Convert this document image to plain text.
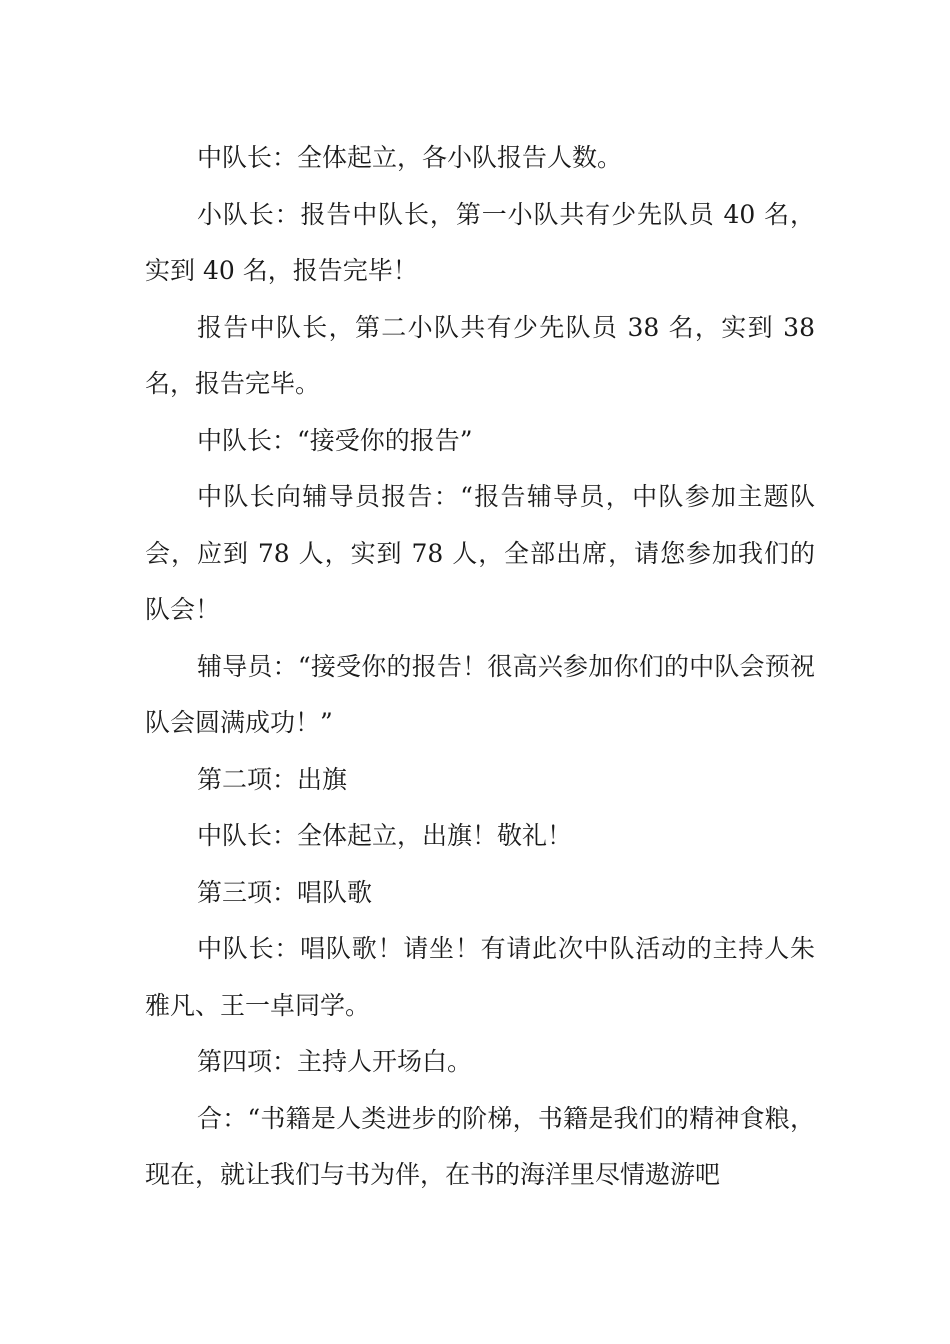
中队长：全体起立，各小队报告人数。

小队长：报告中队长，第一小队共有少先队员 40 名，实到 40 名，报告完毕！

报告中队长，第二小队共有少先队员 38 名，实到 38 名，报告完毕。

中队长：“接受你的报告”

中队长向辅导员报告：“报告辅导员，中队参加主题队会，应到 78 人，实到 78 人，全部出席，请您参加我们的队会！

辅导员：“接受你的报告！很高兴参加你们的中队会预祝队会圆满成功！”

第二项：出旗

中队长：全体起立，出旗！敬礼！

第三项：唱队歌

中队长：唱队歌！请坐！有请此次中队活动的主持人朱雅凡、王一卓同学。

第四项：主持人开场白。

合：“书籍是人类进步的阶梯，书籍是我们的精神食粮，现在，就让我们与书为伴，在书的海洋里尽情遨游吧
